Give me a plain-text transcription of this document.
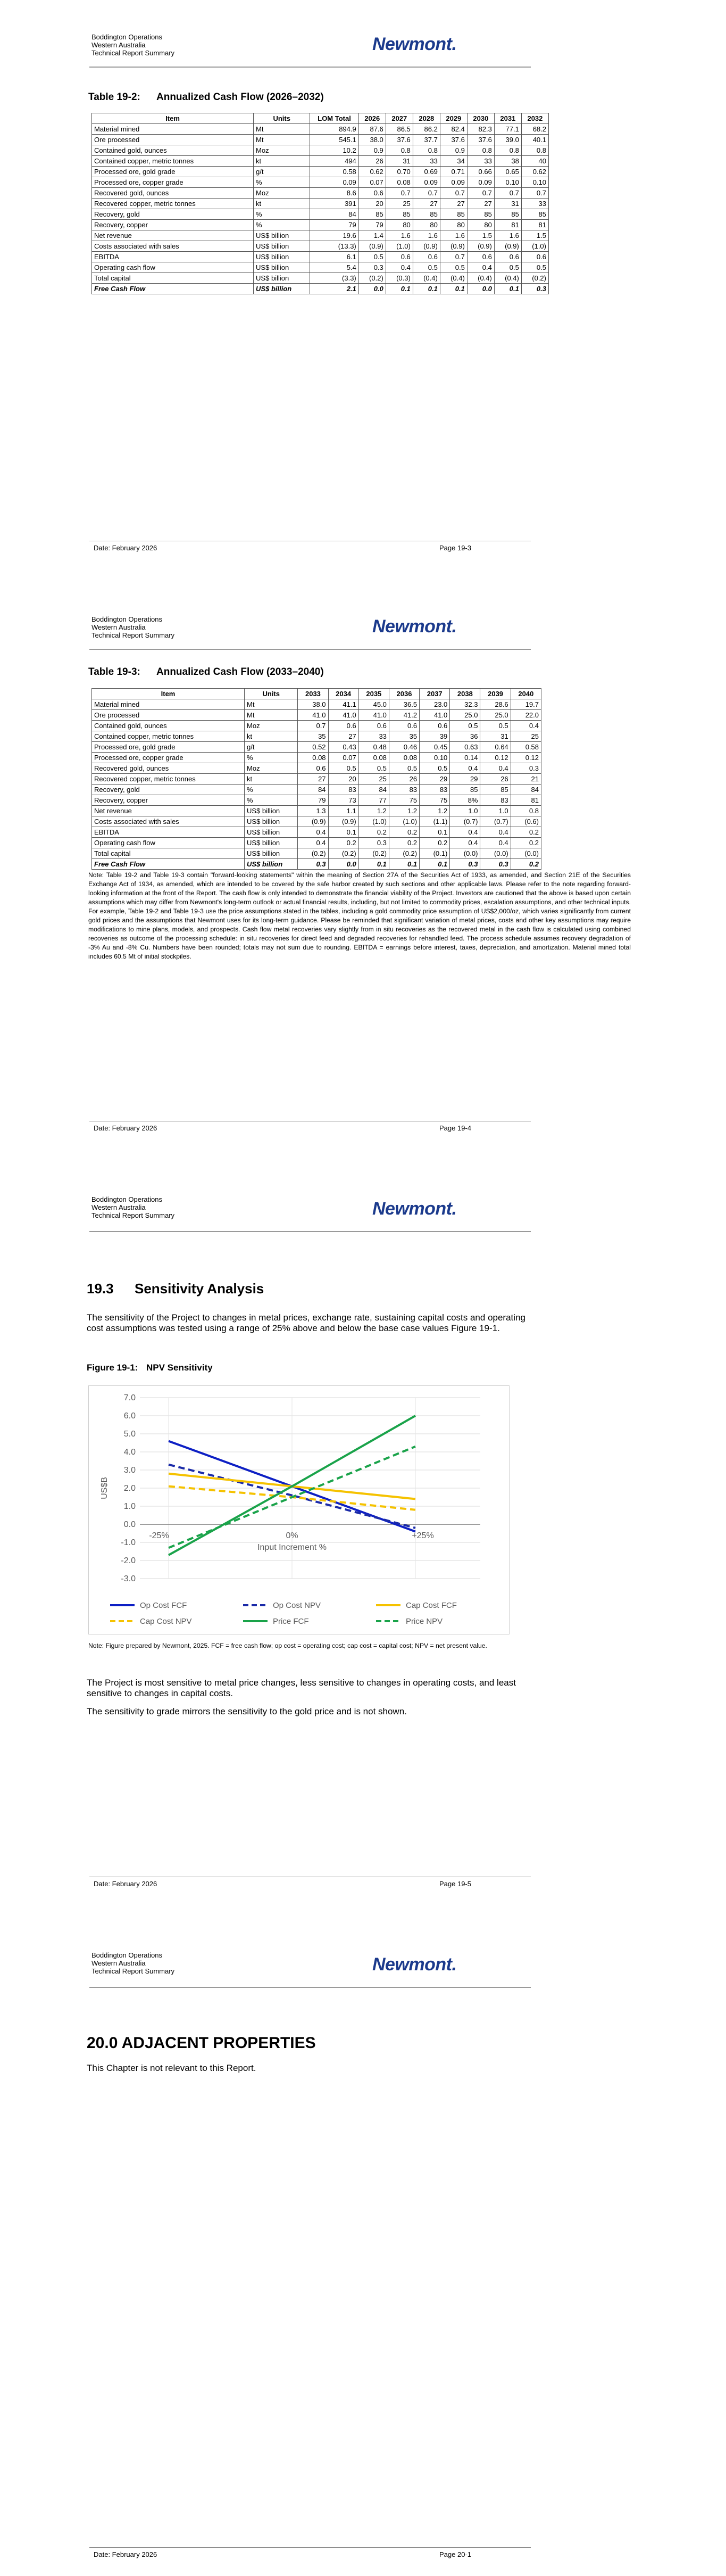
Boddington Operations
Western Australia
Technical Report Summary	Newmont.
Table 19-2: Annualized Cash Flow (2026–2032)
Item	Units	LOM Total	2026	2027	2028	2029	2030	2031	2032
Material mined	Mt	894.9	87.6	86.5	86.2	82.4	82.3	77.1	68.2
Ore processed	Mt	545.1	38.0	37.6	37.7	37.6	37.6	39.0	40.1
Contained gold, ounces	Moz	10.2	0.9	0.8	0.8	0.9	0.8	0.8	0.8
Contained copper, metric tonnes	kt	494	26	31	33	34	33	38	40
Processed ore, gold grade	g/t	0.58	0.62	0.70	0.69	0.71	0.66	0.65	0.62
Processed ore, copper grade	%	0.09	0.07	0.08	0.09	0.09	0.09	0.10	0.10
Recovered gold, ounces	Moz	8.6	0.6	0.7	0.7	0.7	0.7	0.7	0.7
Recovered copper, metric tonnes	kt	391	20	25	27	27	27	31	33
Recovery, gold	%	84	85	85	85	85	85	85	85
Recovery, copper	%	79	79	80	80	80	80	81	81
Net revenue	US$ billion	19.6	1.4	1.6	1.6	1.6	1.5	1.6	1.5
Costs associated with sales	US$ billion	(13.3)	(0.9)	(1.0)	(0.9)	(0.9)	(0.9)	(0.9)	(1.0)
EBITDA	US$ billion	6.1	0.5	0.6	0.6	0.7	0.6	0.6	0.6
Operating cash flow	US$ billion	5.4	0.3	0.4	0.5	0.5	0.4	0.5	0.5
Total capital	US$ billion	(3.3)	(0.2)	(0.3)	(0.4)	(0.4)	(0.4)	(0.4)	(0.2)
Free Cash Flow	US$ billion	2.1	0.0	0.1	0.1	0.1	0.0	0.1	0.3
Date: February 2026	Page 19-3
Boddington Operations
Western Australia
Technical Report Summary	Newmont.
Table 19-3: Annualized Cash Flow (2033–2040)
Item	Units	2033	2034	2035	2036	2037	2038	2039	2040
Material mined	Mt	38.0	41.1	45.0	36.5	23.0	32.3	28.6	19.7
Ore processed	Mt	41.0	41.0	41.0	41.2	41.0	25.0	25.0	22.0
Contained gold, ounces	Moz	0.7	0.6	0.6	0.6	0.6	0.5	0.5	0.4
Contained copper, metric tonnes	kt	35	27	33	35	39	36	31	25
Processed ore, gold grade	g/t	0.52	0.43	0.48	0.46	0.45	0.63	0.64	0.58
Processed ore, copper grade	%	0.08	0.07	0.08	0.08	0.10	0.14	0.12	0.12
Recovered gold, ounces	Moz	0.6	0.5	0.5	0.5	0.5	0.4	0.4	0.3
Recovered copper, metric tonnes	kt	27	20	25	26	29	29	26	21
Recovery, gold	%	84	83	84	83	83	85	85	84
Recovery, copper	%	79	73	77	75	75	8%	83	81
Net revenue	US$ billion	1.3	1.1	1.2	1.2	1.2	1.0	1.0	0.8
Costs associated with sales	US$ billion	(0.9)	(0.9)	(1.0)	(1.0)	(1.1)	(0.7)	(0.7)	(0.6)
EBITDA	US$ billion	0.4	0.1	0.2	0.2	0.1	0.4	0.4	0.2
Operating cash flow	US$ billion	0.4	0.2	0.3	0.2	0.2	0.4	0.4	0.2
Total capital	US$ billion	(0.2)	(0.2)	(0.2)	(0.2)	(0.1)	(0.0)	(0.0)	(0.0)
Free Cash Flow	US$ billion	0.3	0.0	0.1	0.1	0.1	0.3	0.3	0.2
Note: Table 19-2 and Table 19-3 contain "forward-looking statements" within the meaning of Section 27A of the Securities Act of 1933, as amended, and Section 21E of the Securities Exchange Act of 1934, as amended, which are intended to be covered by the safe harbor created by such sections and other applicable laws. Please refer to the note regarding forward-looking information at the front of the Report. The cash flow is only intended to demonstrate the financial viability of the Project. Investors are cautioned that the above is based upon certain assumptions which may differ from Newmont's long-term outlook or actual financial results, including, but not limited to commodity prices, escalation assumptions, and other technical inputs. For example, Table 19-2 and Table 19-3 use the price assumptions stated in the tables, including a gold commodity price assumption of US$2,000/oz, which varies significantly from current gold prices and the assumptions that Newmont uses for its long-term guidance. Please be reminded that significant variation of metal prices, costs and other key assumptions may require modifications to mine plans, models, and prospects. Cash flow metal recoveries vary slightly from in situ recoveries as the recovered metal in the cash flow is calculated using combined recoveries as outcome of the processing schedule: in situ recoveries for direct feed and degraded recoveries for rehandled feed. The process schedule assumes recovery degradation of -3% Au and -8% Cu. Numbers have been rounded; totals may not sum due to rounding. EBITDA = earnings before interest, taxes, depreciation, and amortization. Material mined total includes 60.5 Mt of initial stockpiles.
Date: February 2026	Page 19-4
Boddington Operations
Western Australia
Technical Report Summary	Newmont.
19.3 Sensitivity Analysis
The sensitivity of the Project to changes in metal prices, exchange rate, sustaining capital costs and operating cost assumptions was tested using a range of 25% above and below the base case values Figure 19-1.
Figure 19-1: NPV Sensitivity
7.0
6.0
5.0
4.0
3.0
2.0
1.0
0.0
-1.0
-2.0
-3.0
-25%	0%	+25%
Input Increment %
US$B
Op Cost FCF	Op Cost NPV	Cap Cost FCF
Cap Cost NPV	Price FCF	Price NPV
Note: Figure prepared by Newmont, 2025. FCF = free cash flow; op cost = operating cost; cap cost = capital cost; NPV = net present value.
The Project is most sensitive to metal price changes, less sensitive to changes in operating costs, and least sensitive to changes in capital costs.
The sensitivity to grade mirrors the sensitivity to the gold price and is not shown.
Date: February 2026	Page 19-5
Boddington Operations
Western Australia
Technical Report Summary	Newmont.
20.0 ADJACENT PROPERTIES
This Chapter is not relevant to this Report.
Date: February 2026	Page 20-1
